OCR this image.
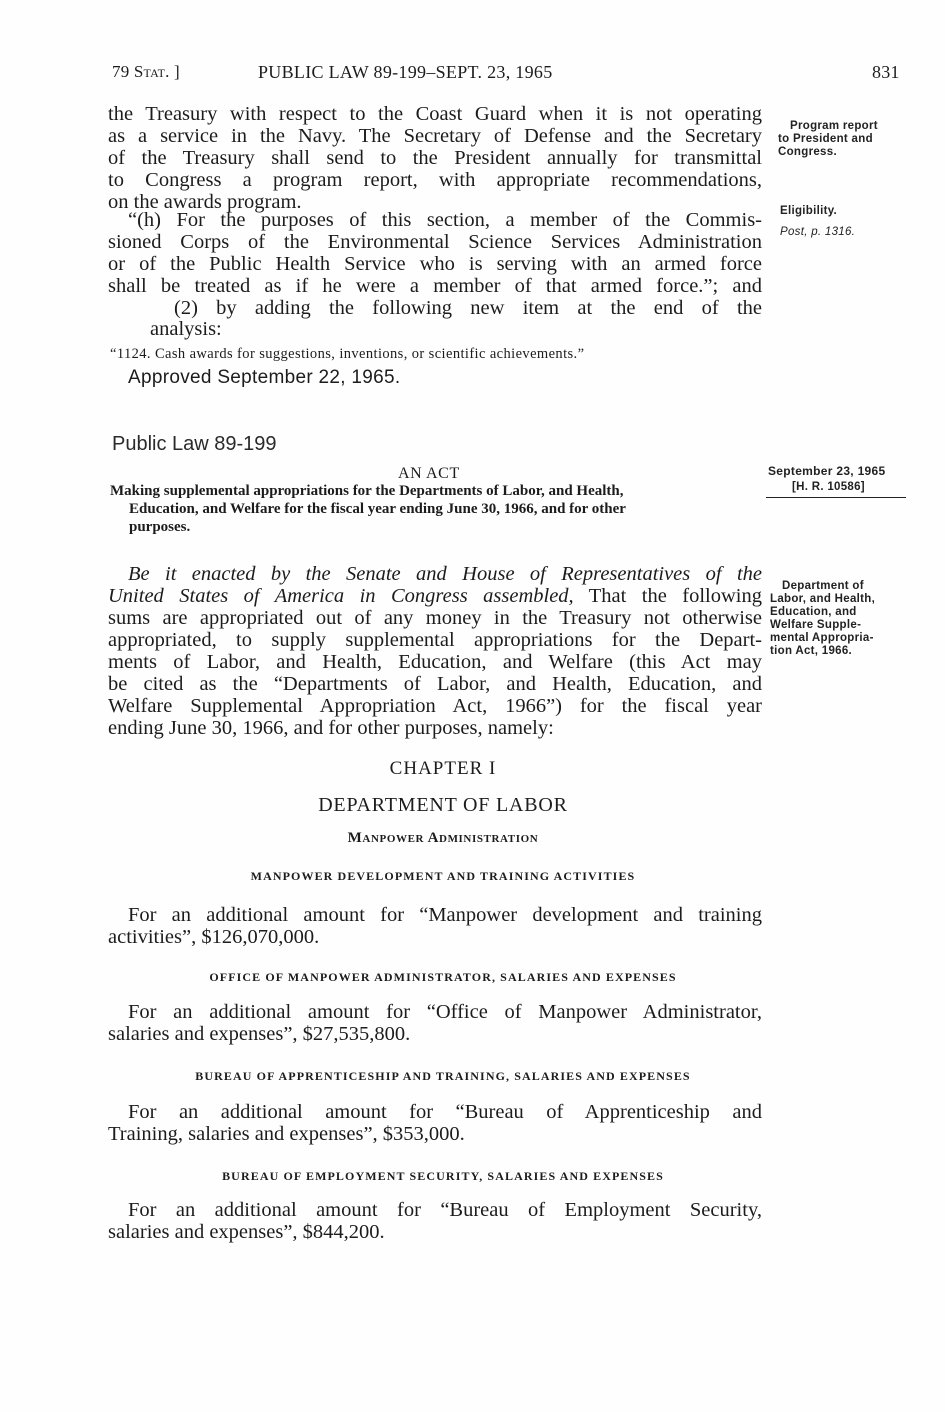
79 Stat. ]	PUBLIC LAW 89-199–SEPT. 23, 1965	831
the Treasury with respect to the Coast Guard when it is not operating
as a service in the Navy. The Secretary of Defense and the Secretary
of the Treasury shall send to the President annually for transmittal
to Congress a program report, with appropriate recommendations,
on the awards program.
“(h) For the purposes of this section, a member of the Commis-
sioned Corps of the Environmental Science Services Administration
or of the Public Health Service who is serving with an armed force
shall be treated as if he were a member of that armed force.”; and
(2) by adding the following new item at the end of the
analysis:
“1124. Cash awards for suggestions, inventions, or scientific achievements.”
Approved September 22, 1965.
Public Law 89-199
AN ACT
Making supplemental appropriations for the Departments of Labor, and Health,
Education, and Welfare for the fiscal year ending June 30, 1966, and for other
purposes.
Be it enacted by the Senate and House of Representatives of the
United States of America in Congress assembled, That the following
sums are appropriated out of any money in the Treasury not otherwise
appropriated, to supply supplemental appropriations for the Depart-
ments of Labor, and Health, Education, and Welfare (this Act may
be cited as the “Departments of Labor, and Health, Education, and
Welfare Supplemental Appropriation Act, 1966”) for the fiscal year
ending June 30, 1966, and for other purposes, namely:
CHAPTER I
DEPARTMENT OF LABOR
Manpower Administration
MANPOWER DEVELOPMENT AND TRAINING ACTIVITIES
For an additional amount for “Manpower development and training
activities”, $126,070,000.
OFFICE OF MANPOWER ADMINISTRATOR, SALARIES AND EXPENSES
For an additional amount for “Office of Manpower Administrator,
salaries and expenses”, $27,535,800.
BUREAU OF APPRENTICESHIP AND TRAINING, SALARIES AND EXPENSES
For an additional amount for “Bureau of Apprenticeship and
Training, salaries and expenses”, $353,000.
BUREAU OF EMPLOYMENT SECURITY, SALARIES AND EXPENSES
For an additional amount for “Bureau of Employment Security,
salaries and expenses”, $844,200.
Program report
to President and
Congress.
Eligibility.
Post, p. 1316.
September 23, 1965
[H. R. 10586]
Department of
Labor, and Health,
Education, and
Welfare Supple-
mental Appropria-
tion Act, 1966.
